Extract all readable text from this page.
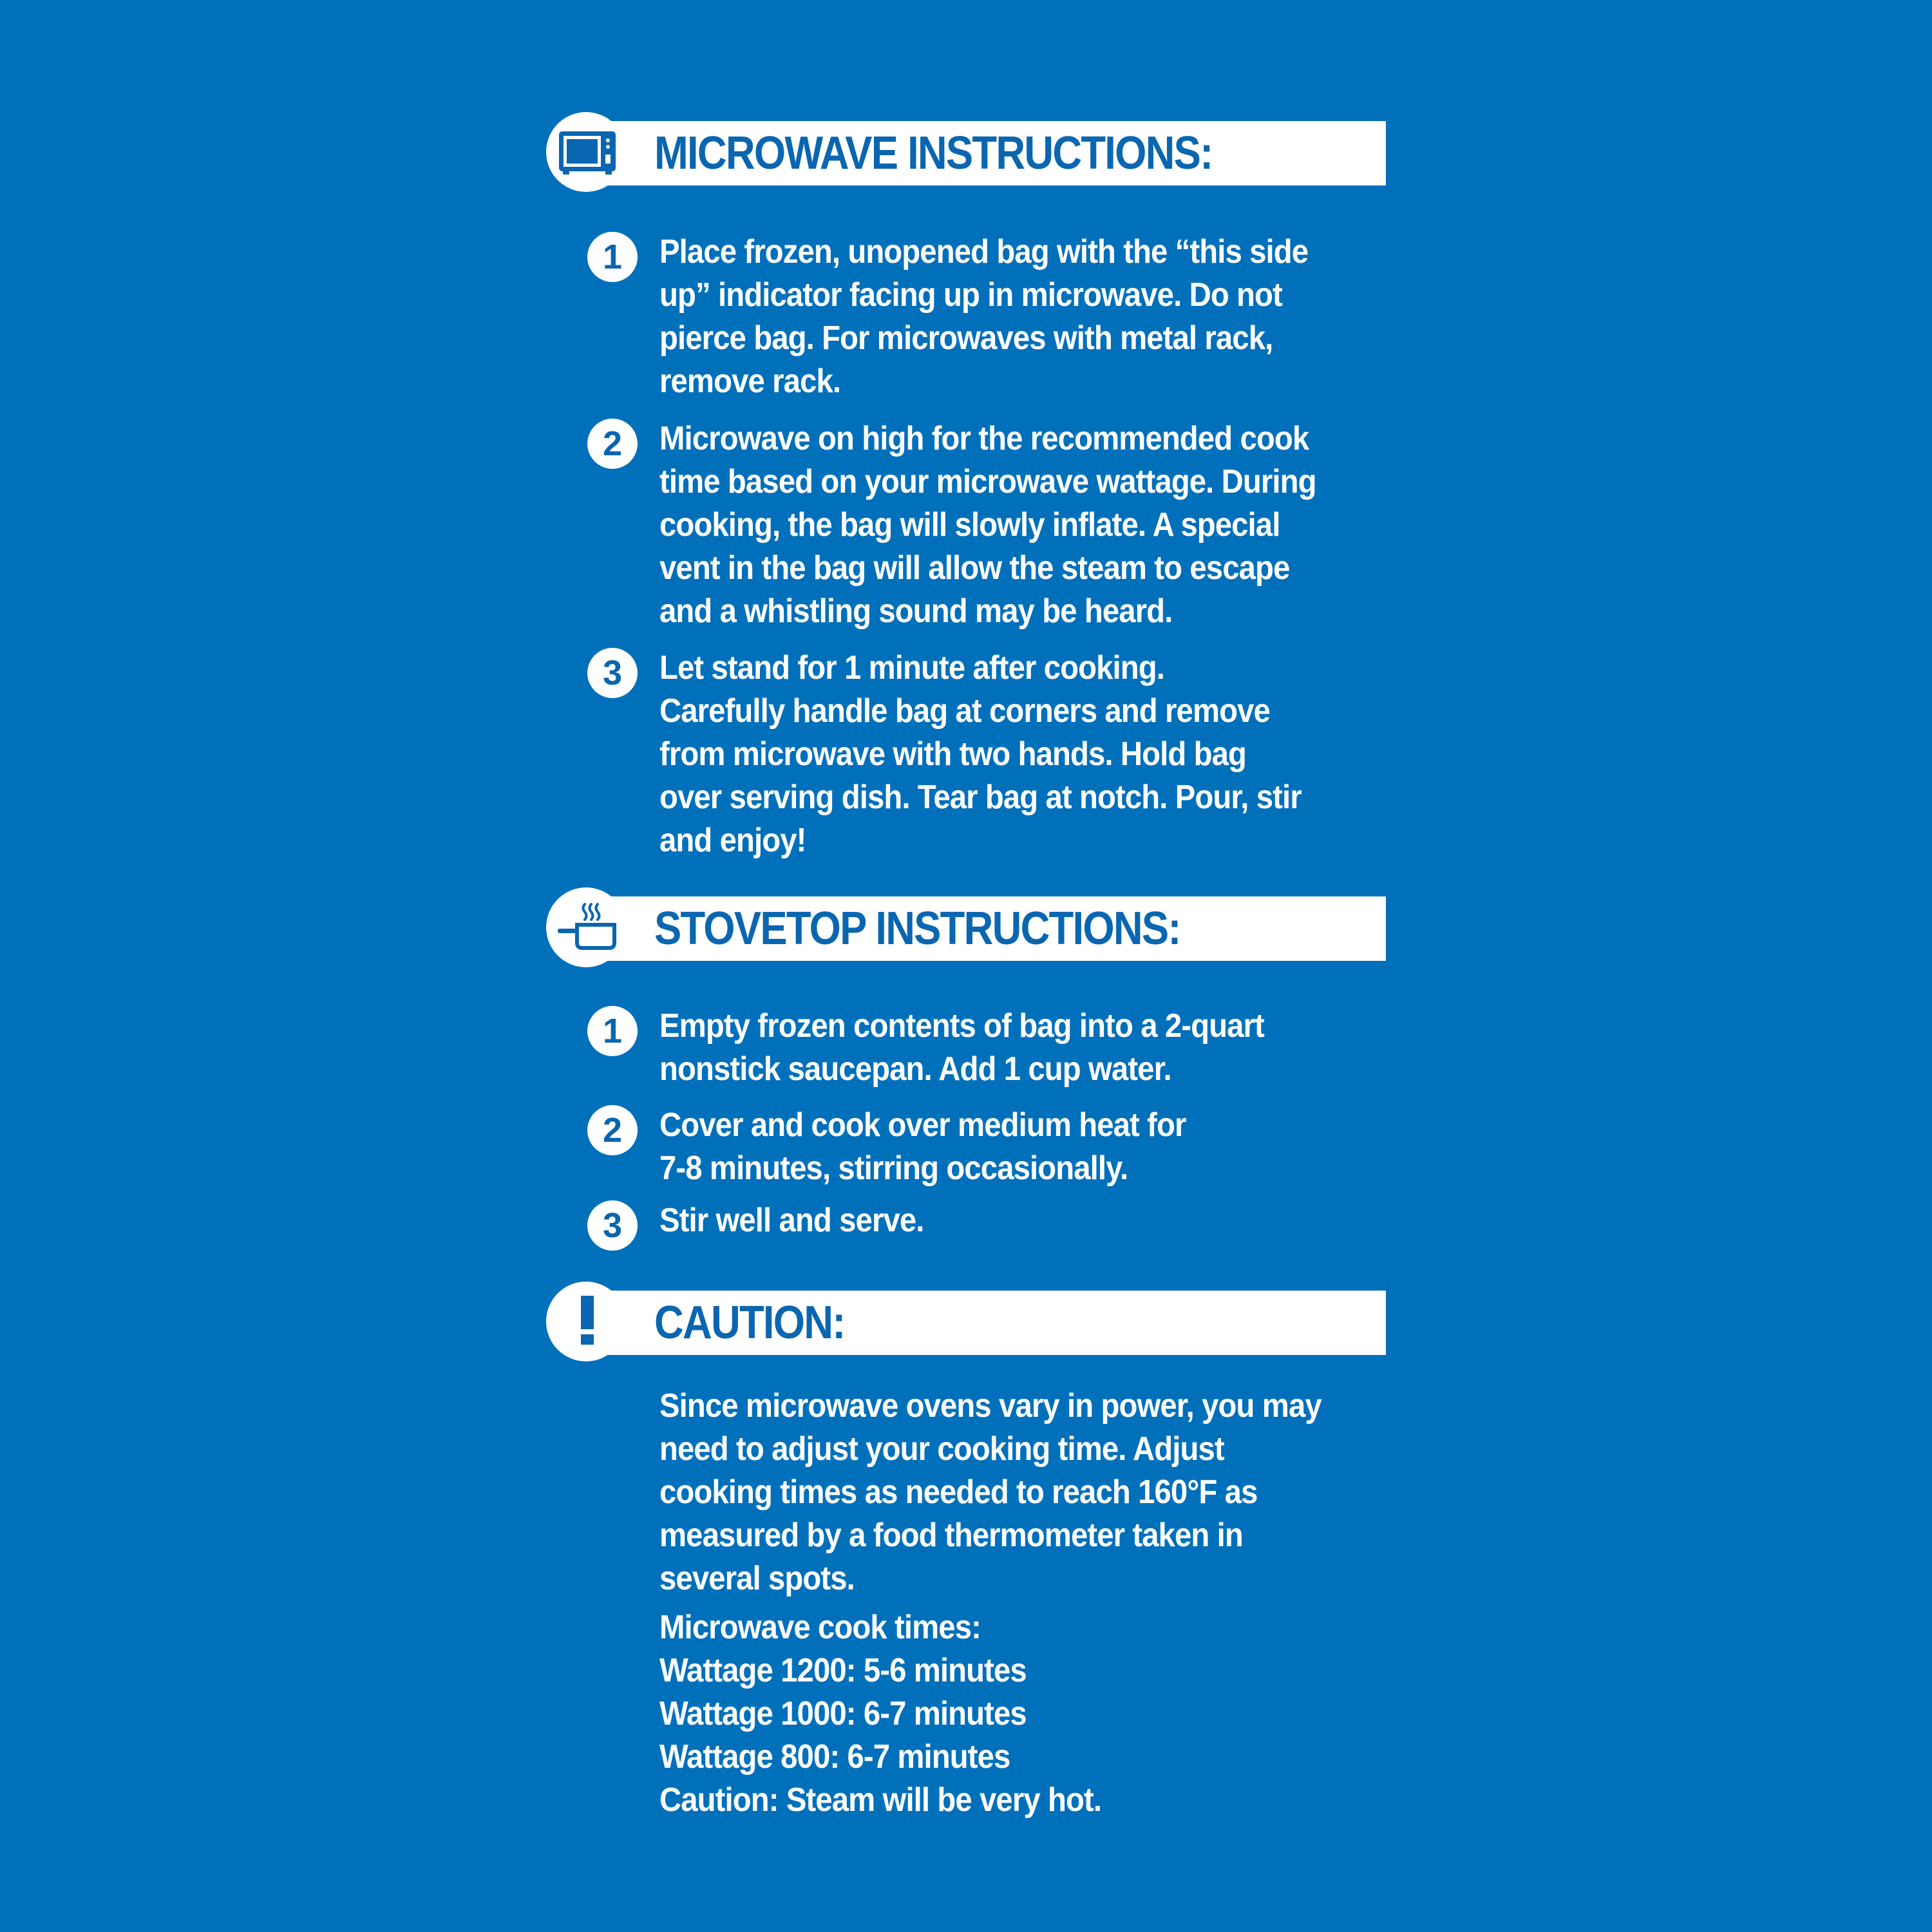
MICROWAVE INSTRUCTIONS:
1	Place frozen, unopened bag with the “this side
up” indicator facing up in microwave. Do not
pierce bag. For microwaves with metal rack,
remove rack.
2	Microwave on high for the recommended cook
time based on your microwave wattage. During
cooking, the bag will slowly inflate. A special
vent in the bag will allow the steam to escape
and a whistling sound may be heard.
3	Let stand for 1 minute after cooking.
Carefully handle bag at corners and remove
from microwave with two hands. Hold bag
over serving dish. Tear bag at notch. Pour, stir
and enjoy!
STOVETOP INSTRUCTIONS:
1	Empty frozen contents of bag into a 2-quart
nonstick saucepan. Add 1 cup water.
2	Cover and cook over medium heat for
7-8 minutes, stirring occasionally.
3	Stir well and serve.
CAUTION:
Since microwave ovens vary in power, you may
need to adjust your cooking time. Adjust
cooking times as needed to reach 160°F as
measured by a food thermometer taken in
several spots.
Microwave cook times:
Wattage 1200: 5-6 minutes
Wattage 1000: 6-7 minutes
Wattage 800: 6-7 minutes
Caution: Steam will be very hot.
